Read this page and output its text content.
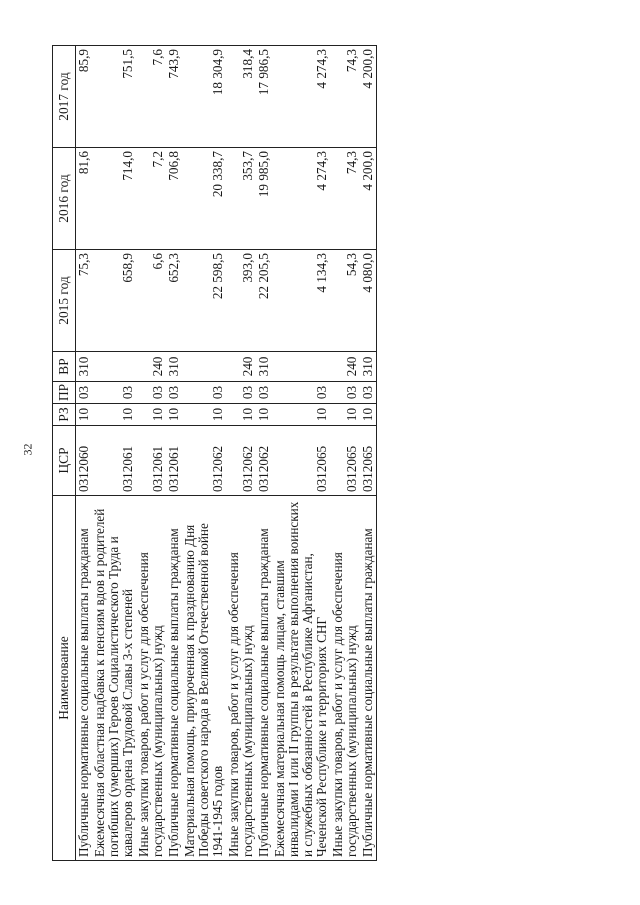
32
Наименование	ЦСР	РЗ	ПР	ВР	2015 год	2016 год	2017 год

Публичные нормативные социальные выплаты гражданам	0312060	10	03	310	75,3	81,6	85,9

Ежемесячная областная надбавка к пенсиям вдов и родителей погибших (умерших) Героев Социалистического Труда и кавалеров ордена Трудовой Славы 3-х степеней	0312061	10	03		658,9	714,0	751,5

Иные закупки товаров, работ и услуг для обеспечения государственных (муниципальных) нужд	0312061	10	03	240	6,6	7,2	7,6

Публичные нормативные социальные выплаты гражданам	0312061	10	03	310	652,3	706,8	743,9

Материальная помощь, приуроченная к празднованию Дня Победы советского народа в Великой Отечественной войне 1941-1945 годов	0312062	10	03		22 598,5	20 338,7	18 304,9

Иные закупки товаров, работ и услуг для обеспечения государственных (муниципальных) нужд	0312062	10	03	240	393,0	353,7	318,4

Публичные нормативные социальные выплаты гражданам	0312062	10	03	310	22 205,5	19 985,0	17 986,5

Ежемесячная материальная помощь лицам, ставшим инвалидами I или II группы в результате выполнения воинских и служебных обязанностей в Республике Афганистан, Чеченской Республике и территориях СНГ	0312065	10	03		4 134,3	4 274,3	4 274,3

Иные закупки товаров, работ и услуг для обеспечения государственных (муниципальных) нужд	0312065	10	03	240	54,3	74,3	74,3

Публичные нормативные социальные выплаты гражданам	0312065	10	03	310	4 080,0	4 200,0	4 200,0
